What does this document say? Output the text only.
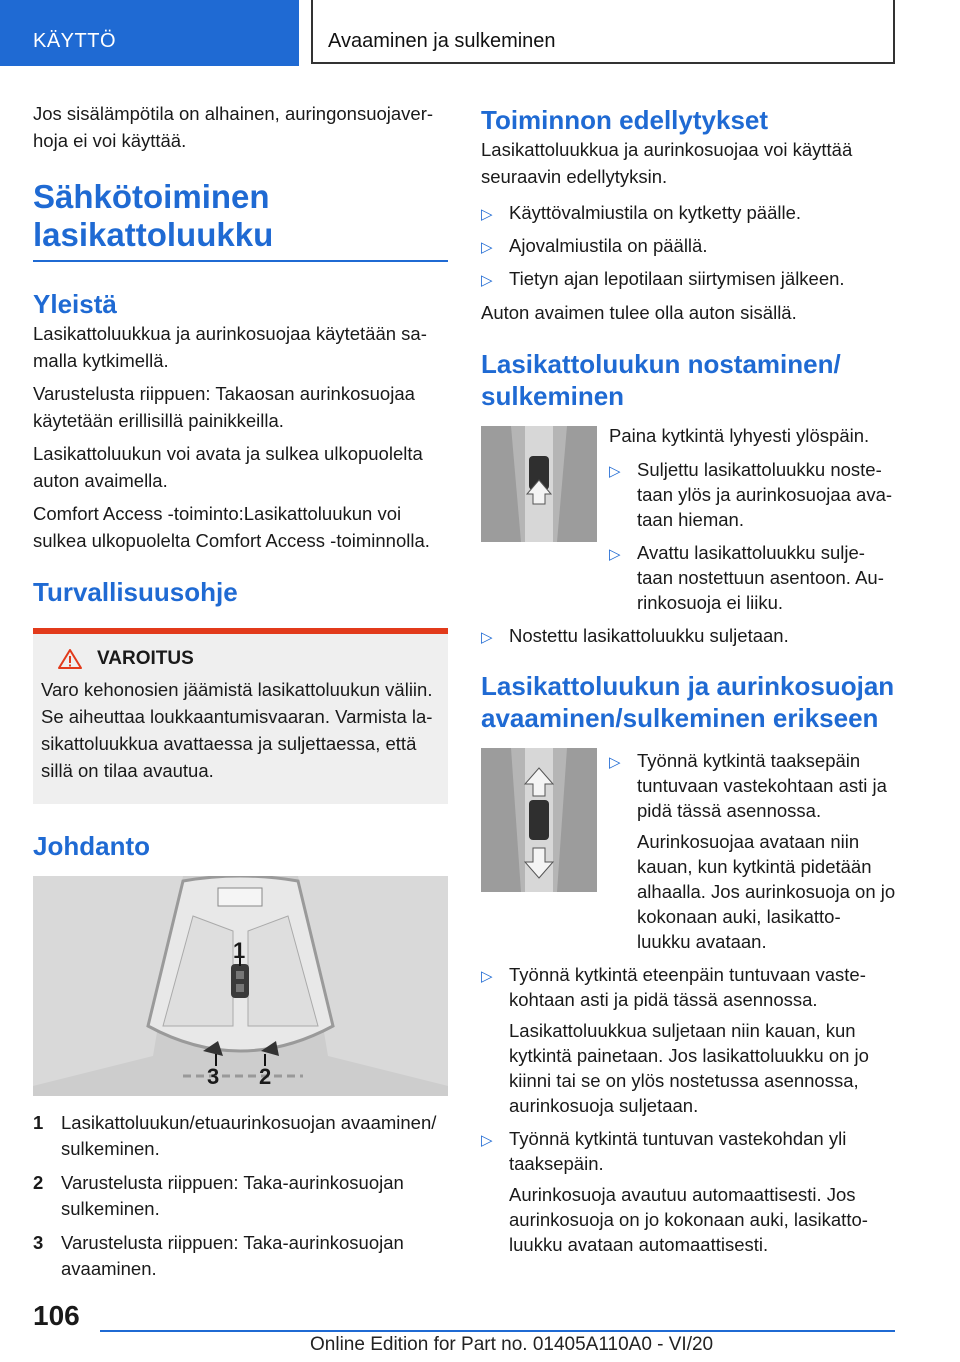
KÄYTTÖ	Avaaminen ja sulkeminen

Jos sisälämpötila on alhainen, auringonsuojaver- hoja ei voi käyttää.

Sähkötoiminen
lasikattoluukku
Yleistä

Lasikattoluukkua ja aurinkosuojaa käytetään sa- malla kytkimellä.

Varustelusta riippuen: Takaosan aurinkosuojaa käytetään erillisillä painikkeilla.

Lasikattoluukun voi avata ja sulkea ulkopuolelta auton avaimella.

Comfort Access -toiminto:Lasikattoluukun voi sulkea ulkopuolelta Comfort Access -toiminnolla.

Turvallisuusohje
VAROITUS

Varo kehonosien jäämistä lasikattoluukun väliin. Se aiheuttaa loukkaantumisvaaran. Varmista la- sikattoluukkua avattaessa ja suljettaessa, että sillä on tilaa avautua.

Johdanto
1
2
3
1 Lasikattoluukun/etuaurinkosuojan avaaminen/ sulkeminen.
2 Varustelusta riippuen: Taka-aurinkosuojan sulkeminen.
3 Varustelusta riippuen: Taka-aurinkosuojan avaaminen.
Toiminnon edellytykset

Lasikattoluukkua ja aurinkosuojaa voi käyttää seuraavin edellytyksin.

▷ Käyttövalmiustila on kytketty päälle.
▷ Ajovalmiustila on päällä.
▷ Tietyn ajan lepotilaan siirtymisen jälkeen.

Auton avaimen tulee olla auton sisällä.

Lasikattoluukun nostaminen/
sulkeminen

Paina kytkintä lyhyesti ylöspäin.

▷ Suljettu lasikattoluukku noste- taan ylös ja aurinkosuojaa ava- taan hieman.
▷ Avattu lasikattoluukku sulje- taan nostettuun asentoon. Au- rinkosuoja ei liiku.
▷ Nostettu lasikattoluukku suljetaan.
Lasikattoluukun ja aurinkosuojan
avaaminen/sulkeminen erikseen
▷ Työnnä kytkintä taaksepäin tuntuvaan vastekohtaan asti ja pidä tässä asennossa.

Aurinkosuojaa avataan niin kauan, kun kytkintä pidetään alhaalla. Jos aurinkosuoja on jo kokonaan auki, lasikatto- luukku avataan.

▷ Työnnä kytkintä eteenpäin tuntuvaan vaste- kohtaan asti ja pidä tässä asennossa.

Lasikattoluukkua suljetaan niin kauan, kun kytkintä painetaan. Jos lasikattoluukku on jo kiinni tai se on ylös nostetussa asennossa, aurinkosuoja suljetaan.

▷ Työnnä kytkintä tuntuvan vastekohdan yli taaksepäin.

Aurinkosuoja avautuu automaattisesti. Jos aurinkosuoja on jo kokonaan auki, lasikatto- luukku avataan automaattisesti.

106
Online Edition for Part no. 01405A110A0 - VI/20
